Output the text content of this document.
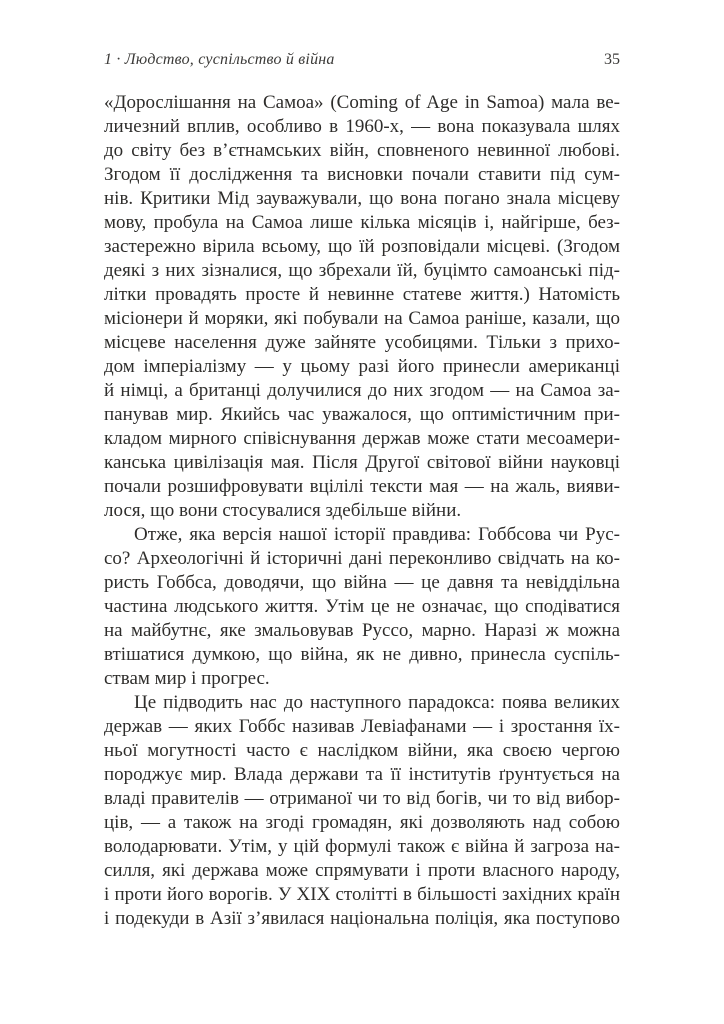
1 · Людство, суспільство й війна	35
«Дорослішання на Самоа» (Coming of Age in Samoa) мала ве-
личезний вплив, особливо в 1960-х, — вона показувала шлях
до світу без в’єтнамських війн, сповненого невинної любові.
Згодом її дослідження та висновки почали ставити під сум-
нів. Критики Мід зауважували, що вона погано знала місцеву
мову, пробула на Самоа лише кілька місяців і, найгірше, без-
застережно вірила всьому, що їй розповідали місцеві. (Згодом
деякі з них зізналися, що збрехали їй, буцімто самоанські під-
літки провадять просте й невинне статеве життя.) Натомість
місіонери й моряки, які побували на Самоа раніше, казали, що
місцеве населення дуже зайняте усобицями. Тільки з прихо-
дом імперіалізму — у цьому разі його принесли американці
й німці, а британці долучилися до них згодом — на Самоа за-
панував мир. Якийсь час уважалося, що оптимістичним при-
кладом мирного співіснування держав може стати месоамери-
канська цивілізація мая. Після Другої світової війни науковці
почали розшифровувати вцілілі тексти мая — на жаль, вияви-
лося, що вони стосувалися здебільше війни.
Отже, яка версія нашої історії правдива: Гоббсова чи Рус-
со? Археологічні й історичні дані переконливо свідчать на ко-
ристь Гоббса, доводячи, що війна — це давня та невіддільна
частина людського життя. Утім це не означає, що сподіватися
на майбутнє, яке змальовував Руссо, марно. Наразі ж можна
втішатися думкою, що війна, як не дивно, принесла суспіль-
ствам мир і прогрес.
Це підводить нас до наступного парадокса: поява великих
держав — яких Гоббс називав Левіафанами — і зростання їх-
ньої могутності часто є наслідком війни, яка своєю чергою
породжує мир. Влада держави та її інститутів ґрунтується на
владі правителів — отриманої чи то від богів, чи то від вибор-
ців, — а також на згоді громадян, які дозволяють над собою
володарювати. Утім, у цій формулі також є війна й загроза на-
силля, які держава може спрямувати і проти власного народу,
і проти його ворогів. У XIX столітті в більшості західних країн
і подекуди в Азії з’явилася національна поліція, яка поступово
